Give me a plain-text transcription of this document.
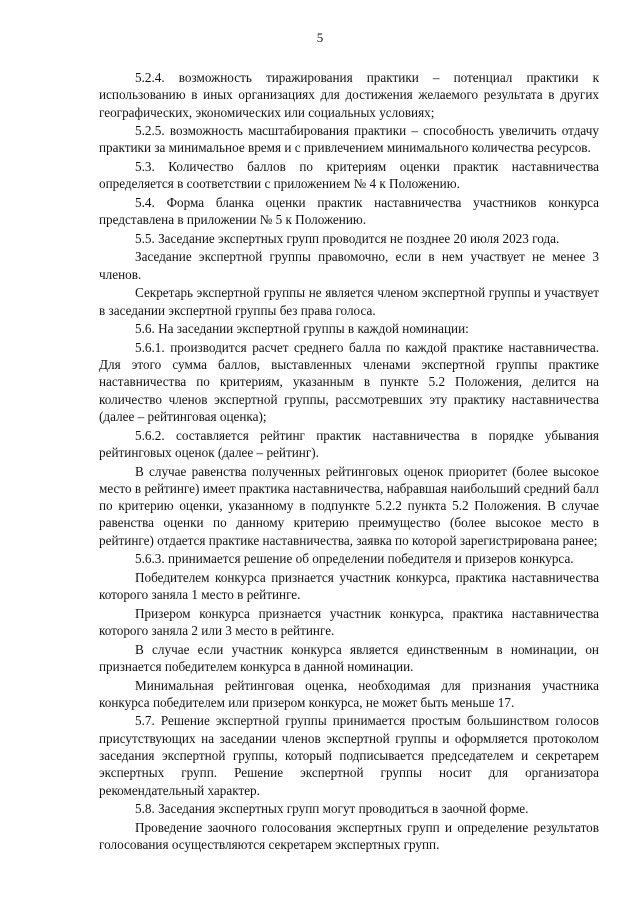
5

5.2.4. возможность тиражирования практики – потенциал практики к использованию в иных организациях для достижения желаемого результата в других географических, экономических или социальных условиях;

5.2.5. возможность масштабирования практики – способность увеличить отдачу практики за минимальное время и с привлечением минимального количества ресурсов.

5.3. Количество баллов по критериям оценки практик наставничества определяется в соответствии с приложением № 4 к Положению.

5.4. Форма бланка оценки практик наставничества участников конкурса представлена в приложении № 5 к Положению.

5.5. Заседание экспертных групп проводится не позднее 20 июля 2023 года.

Заседание экспертной группы правомочно, если в нем участвует не менее 3 членов.

Секретарь экспертной группы не является членом экспертной группы и участвует в заседании экспертной группы без права голоса.

5.6. На заседании экспертной группы в каждой номинации:

5.6.1. производится расчет среднего балла по каждой практике наставничества. Для этого сумма баллов, выставленных членами экспертной группы практике наставничества по критериям, указанным в пункте 5.2 Положения, делится на количество членов экспертной группы, рассмотревших эту практику наставничества (далее – рейтинговая оценка);

5.6.2. составляется рейтинг практик наставничества в порядке убывания рейтинговых оценок (далее – рейтинг).

В случае равенства полученных рейтинговых оценок приоритет (более высокое место в рейтинге) имеет практика наставничества, набравшая наибольший средний балл по критерию оценки, указанному в подпункте 5.2.2 пункта 5.2 Положения. В случае равенства оценки по данному критерию преимущество (более высокое место в рейтинге) отдается практике наставничества, заявка по которой зарегистрирована ранее;

5.6.3. принимается решение об определении победителя и призеров конкурса.

Победителем конкурса признается участник конкурса, практика наставничества которого заняла 1 место в рейтинге.

Призером конкурса признается участник конкурса, практика наставничества которого заняла 2 или 3 место в рейтинге.

В случае если участник конкурса является единственным в номинации, он признается победителем конкурса в данной номинации.

Минимальная рейтинговая оценка, необходимая для признания участника конкурса победителем или призером конкурса, не может быть меньше 17.

5.7. Решение экспертной группы принимается простым большинством голосов присутствующих на заседании членов экспертной группы и оформляется протоколом заседания экспертной группы, который подписывается председателем и секретарем экспертных групп. Решение экспертной группы носит для организатора рекомендательный характер.

5.8. Заседания экспертных групп могут проводиться в заочной форме.

Проведение заочного голосования экспертных групп и определение результатов голосования осуществляются секретарем экспертных групп.
